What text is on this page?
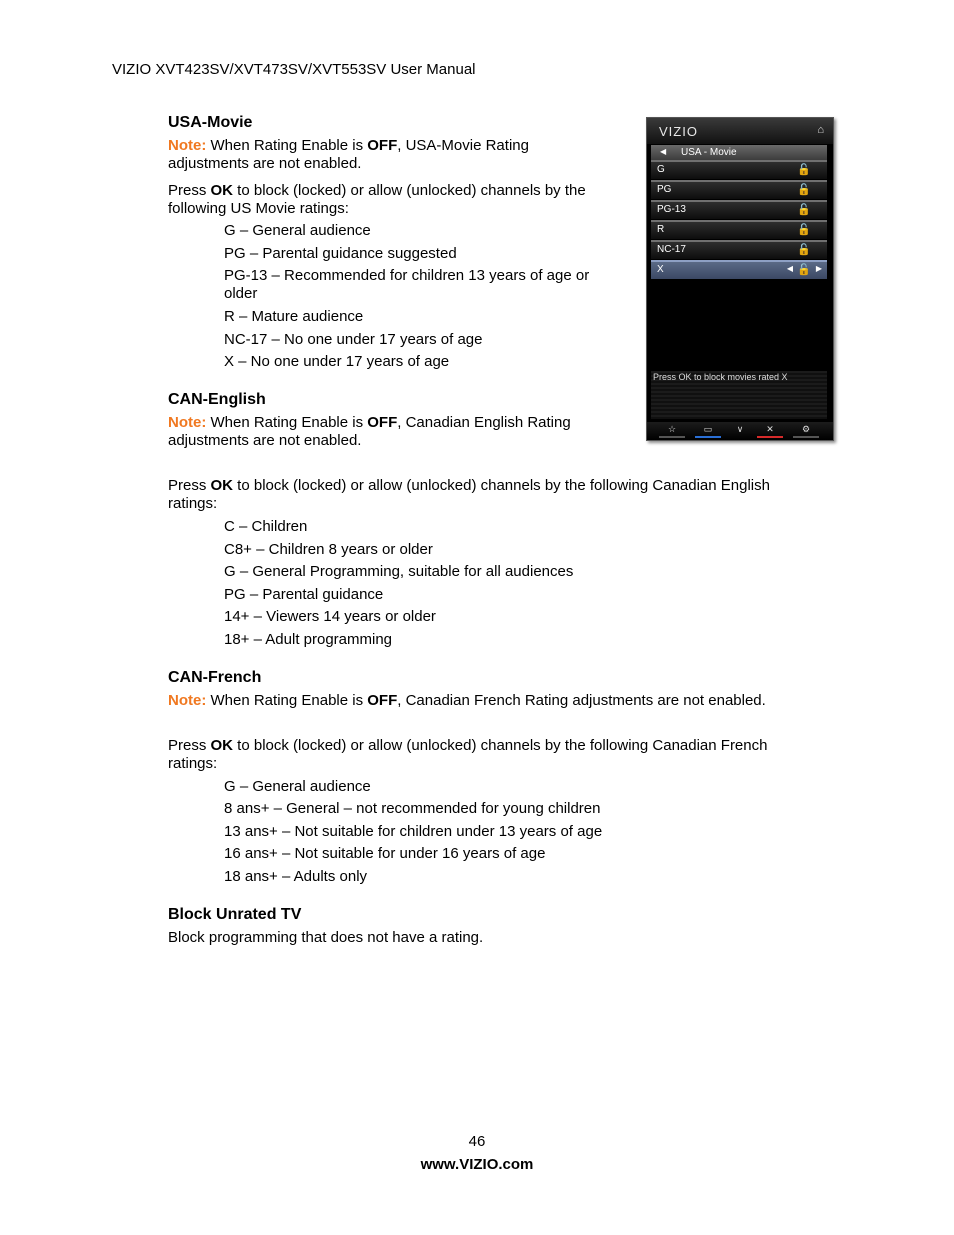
VIZIO XVT423SV/XVT473SV/XVT553SV User Manual
USA-Movie
Note: When Rating Enable is OFF, USA-Movie Rating
adjustments are not enabled.
Press OK to block (locked) or allow (unlocked) channels by the
following US Movie ratings:
G – General audience
PG – Parental guidance suggested
PG-13 – Recommended for children 13 years of age or
older
R – Mature audience
NC-17 – No one under 17 years of age
X – No one under 17 years of age
CAN-English
Note: When Rating Enable is OFF, Canadian English Rating
adjustments are not enabled.
Press OK to block (locked) or allow (unlocked) channels by the following Canadian English
ratings:
C – Children
C8+ – Children 8 years or older
G – General Programming, suitable for all audiences
PG – Parental guidance
14+ – Viewers 14 years or older
18+ – Adult programming
CAN-French
Note: When Rating Enable is OFF, Canadian French Rating adjustments are not enabled.
Press OK to block (locked) or allow (unlocked) channels by the following Canadian French
ratings:
G – General audience
8 ans+ – General – not recommended for young children
13 ans+ – Not suitable for children under 13 years of age
16 ans+ – Not suitable for under 16 years of age
18 ans+ – Adults only
Block Unrated TV
Block programming that does not have a rating.
VIZIO	⌂
◀ USA - Movie
G	🔓
PG	🔓
PG-13	🔓
R	🔓
NC-17	🔓
X	◀ 🔓 ▶
Press OK to block movies rated X
☆	▭	∨	✕	⚙
46
www.VIZIO.com
